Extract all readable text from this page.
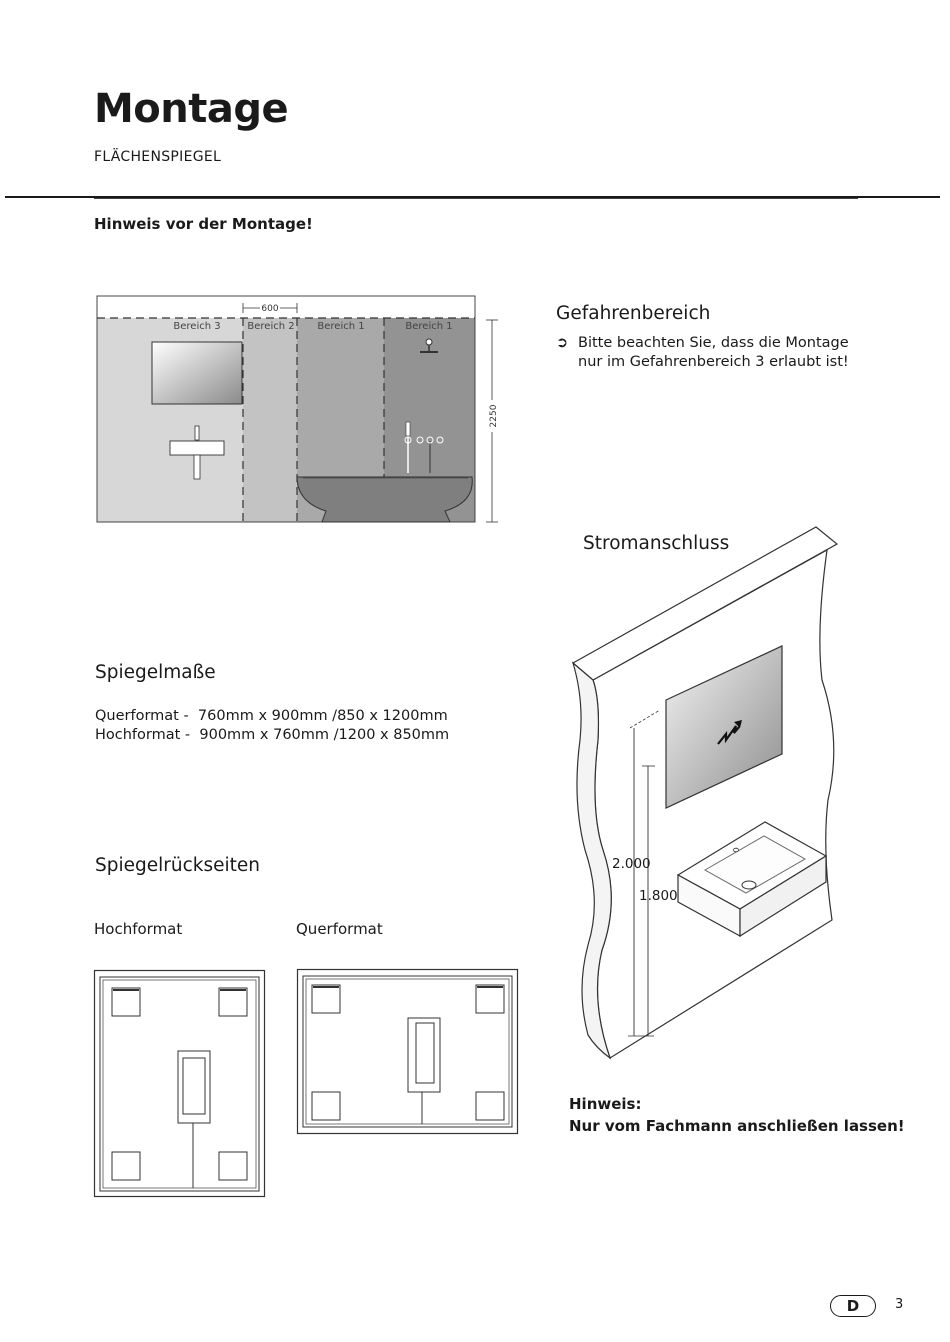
Montage
FLÄCHENSPIEGEL
Hinweis vor der Montage!
600
2250
Bereich 3	Bereich 2 Bereich 1	Bereich 1
Gefahrenbereich
➲ Bitte beachten Sie, dass die Montage
nur im Gefahrenbereich 3 erlaubt ist!
Stromanschluss
2.000
1.800
Hinweis:
Nur vom Fachmann anschließen lassen!
Spiegelmaße
Querformat -  760mm x 900mm /850 x 1200mm
Hochformat -  900mm x 760mm /1200 x 850mm
Spiegelrückseiten
Hochformat	Querformat
D	3
